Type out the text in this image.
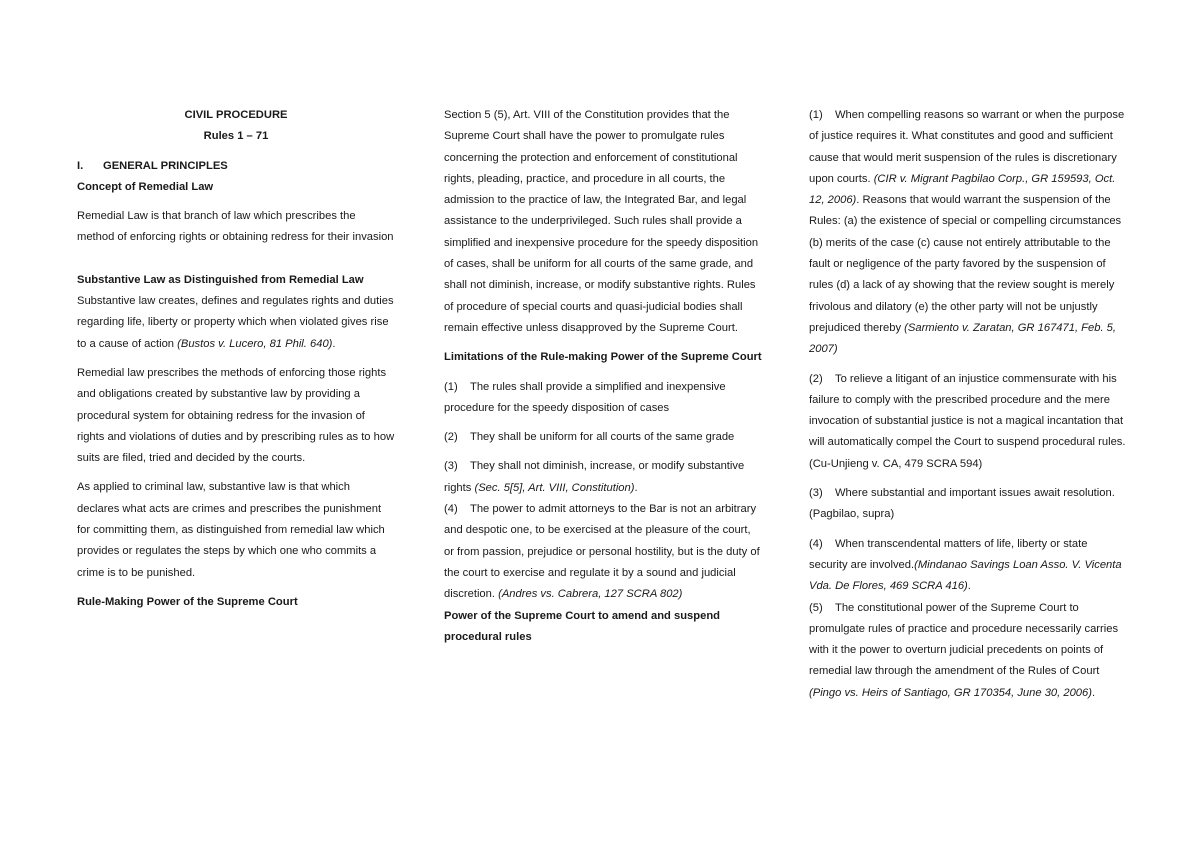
CIVIL PROCEDURE

Rules 1 – 71

I. GENERAL PRINCIPLES

Concept of Remedial Law

Remedial Law is that branch of law which prescribes the method of enforcing rights or obtaining redress for their invasion

Substantive Law as Distinguished from Remedial Law

Substantive law creates, defines and regulates rights and duties regarding life, liberty or property which when violated gives rise to a cause of action (Bustos v. Lucero, 81 Phil. 640).

Remedial law prescribes the methods of enforcing those rights and obligations created by substantive law by providing a procedural system for obtaining redress for the invasion of rights and violations of duties and by prescribing rules as to how suits are filed, tried and decided by the courts.

As applied to criminal law, substantive law is that which declares what acts are crimes and prescribes the punishment for committing them, as distinguished from remedial law which provides or regulates the steps by which one who commits a crime is to be punished.

Rule-Making Power of the Supreme Court

Section 5 (5), Art. VIII of the Constitution provides that the Supreme Court shall have the power to promulgate rules concerning the protection and enforcement of constitutional rights, pleading, practice, and procedure in all courts, the admission to the practice of law, the Integrated Bar, and legal assistance to the underprivileged. Such rules shall provide a simplified and inexpensive procedure for the speedy disposition of cases, shall be uniform for all courts of the same grade, and shall not diminish, increase, or modify substantive rights. Rules of procedure of special courts and quasi-judicial bodies shall remain effective unless disapproved by the Supreme Court.

Limitations of the Rule-making Power of the Supreme Court

(1) The rules shall provide a simplified and inexpensive procedure for the speedy disposition of cases

(2) They shall be uniform for all courts of the same grade

(3) They shall not diminish, increase, or modify substantive rights (Sec. 5[5], Art. VIII, Constitution).

(4) The power to admit attorneys to the Bar is not an arbitrary and despotic one, to be exercised at the pleasure of the court, or from passion, prejudice or personal hostility, but is the duty of the court to exercise and regulate it by a sound and judicial discretion. (Andres vs. Cabrera, 127 SCRA 802)

Power of the Supreme Court to amend and suspend procedural rules

(1) When compelling reasons so warrant or when the purpose of justice requires it. What constitutes and good and sufficient cause that would merit suspension of the rules is discretionary upon courts. (CIR v. Migrant Pagbilao Corp., GR 159593, Oct. 12, 2006). Reasons that would warrant the suspension of the Rules: (a) the existence of special or compelling circumstances (b) merits of the case (c) cause not entirely attributable to the fault or negligence of the party favored by the suspension of rules (d) a lack of ay showing that the review sought is merely frivolous and dilatory (e) the other party will not be unjustly prejudiced thereby (Sarmiento v. Zaratan, GR 167471, Feb. 5, 2007)

(2) To relieve a litigant of an injustice commensurate with his failure to comply with the prescribed procedure and the mere invocation of substantial justice is not a magical incantation that will automatically compel the Court to suspend procedural rules. (Cu-Unjieng v. CA, 479 SCRA 594)

(3) Where substantial and important issues await resolution. (Pagbilao, supra)

(4) When transcendental matters of life, liberty or state security are involved.(Mindanao Savings Loan Asso. V. Vicenta Vda. De Flores, 469 SCRA 416).

(5) The constitutional power of the Supreme Court to promulgate rules of practice and procedure necessarily carries with it the power to overturn judicial precedents on points of remedial law through the amendment of the Rules of Court (Pingo vs. Heirs of Santiago, GR 170354, June 30, 2006).
